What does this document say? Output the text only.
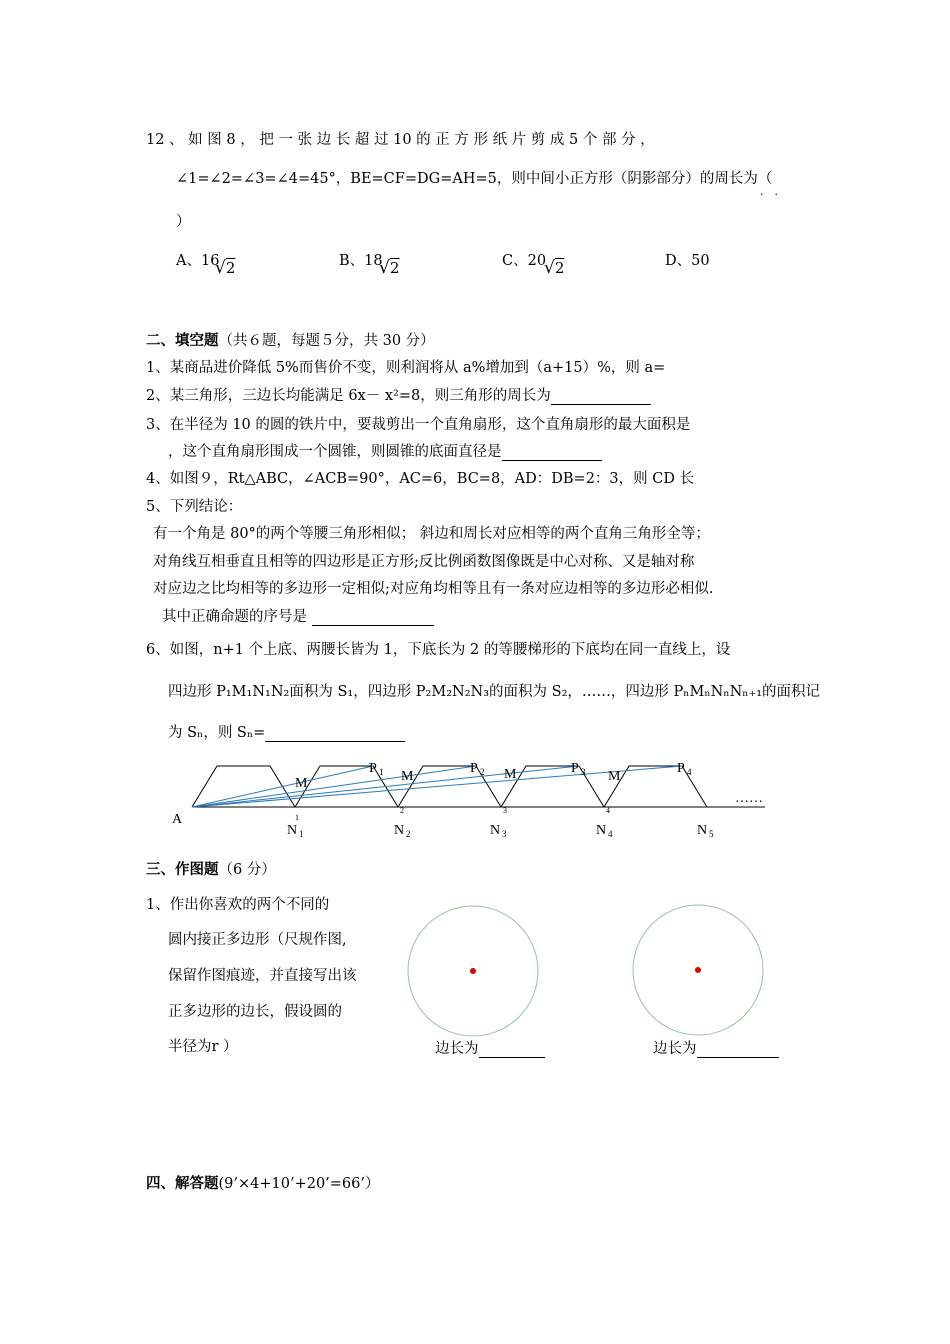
12 、 如 图 8 ， 把 一 张 边 长 超 过 10 的 正 方 形 纸 片 剪 成 5 个 部 分 ，
∠1=∠2=∠3=∠4=45°，BE=CF=DG=AH=5，则中间小正方形（阴影部分）的周长为（
·　·
）
A、16
√2	B、18
√2	C、20
√2	D、50
二、填空题（共６题，每题５分，共 30 分）
1、某商品进价降低 5%而售价不变，则利润将从 a%增加到（a+15）%，则 a=
2、某三角形，三边长均能满足 6x－ x²=8，则三角形的周长为
3、在半径为 10 的圆的铁片中，要裁剪出一个直角扇形，这个直角扇形的最大面积是
，这个直角扇形围成一个圆锥，则圆锥的底面直径是
4、如图９，Rt△ABC，∠ACB=90°，AC=6，BC=8，AD：DB=2：3，则 CD 长
5、下列结论：
有一个角是 80°的两个等腰三角形相似； 斜边和周长对应相等的两个直角三角形全等；
对角线互相垂直且相等的四边形是正方形;反比例函数图像既是中心对称、又是轴对称
对应边之比均相等的多边形一定相似;对应角均相等且有一条对应边相等的多边形必相似.
其中正确命题的序号是
6、如图，n+1 个上底、两腰长皆为 1，下底长为 2 的等腰梯形的下底均在同一直线上，设
四边形 P₁M₁N₁N₂面积为 S₁，四边形 P₂M₂N₂N₃的面积为 S₂，……，四边形 PₙMₙNₙNₙ₊₁的面积记
为 Sₙ，则 Sₙ=
A
P 1	P 2	P 3	P 4
M	M	M	M
1
2	3	4
N 1	N 2	N 3	N 4	N 5
……
三、作图题（6 分）
1、作出你喜欢的两个不同的
圆内接正多边形（尺规作图,
保留作图痕迹，并直接写出该
正多边形的边长，假设圆的
半径为r ）	边长为	边长为
四、解答题(9’×4+10’+20’=66’）
